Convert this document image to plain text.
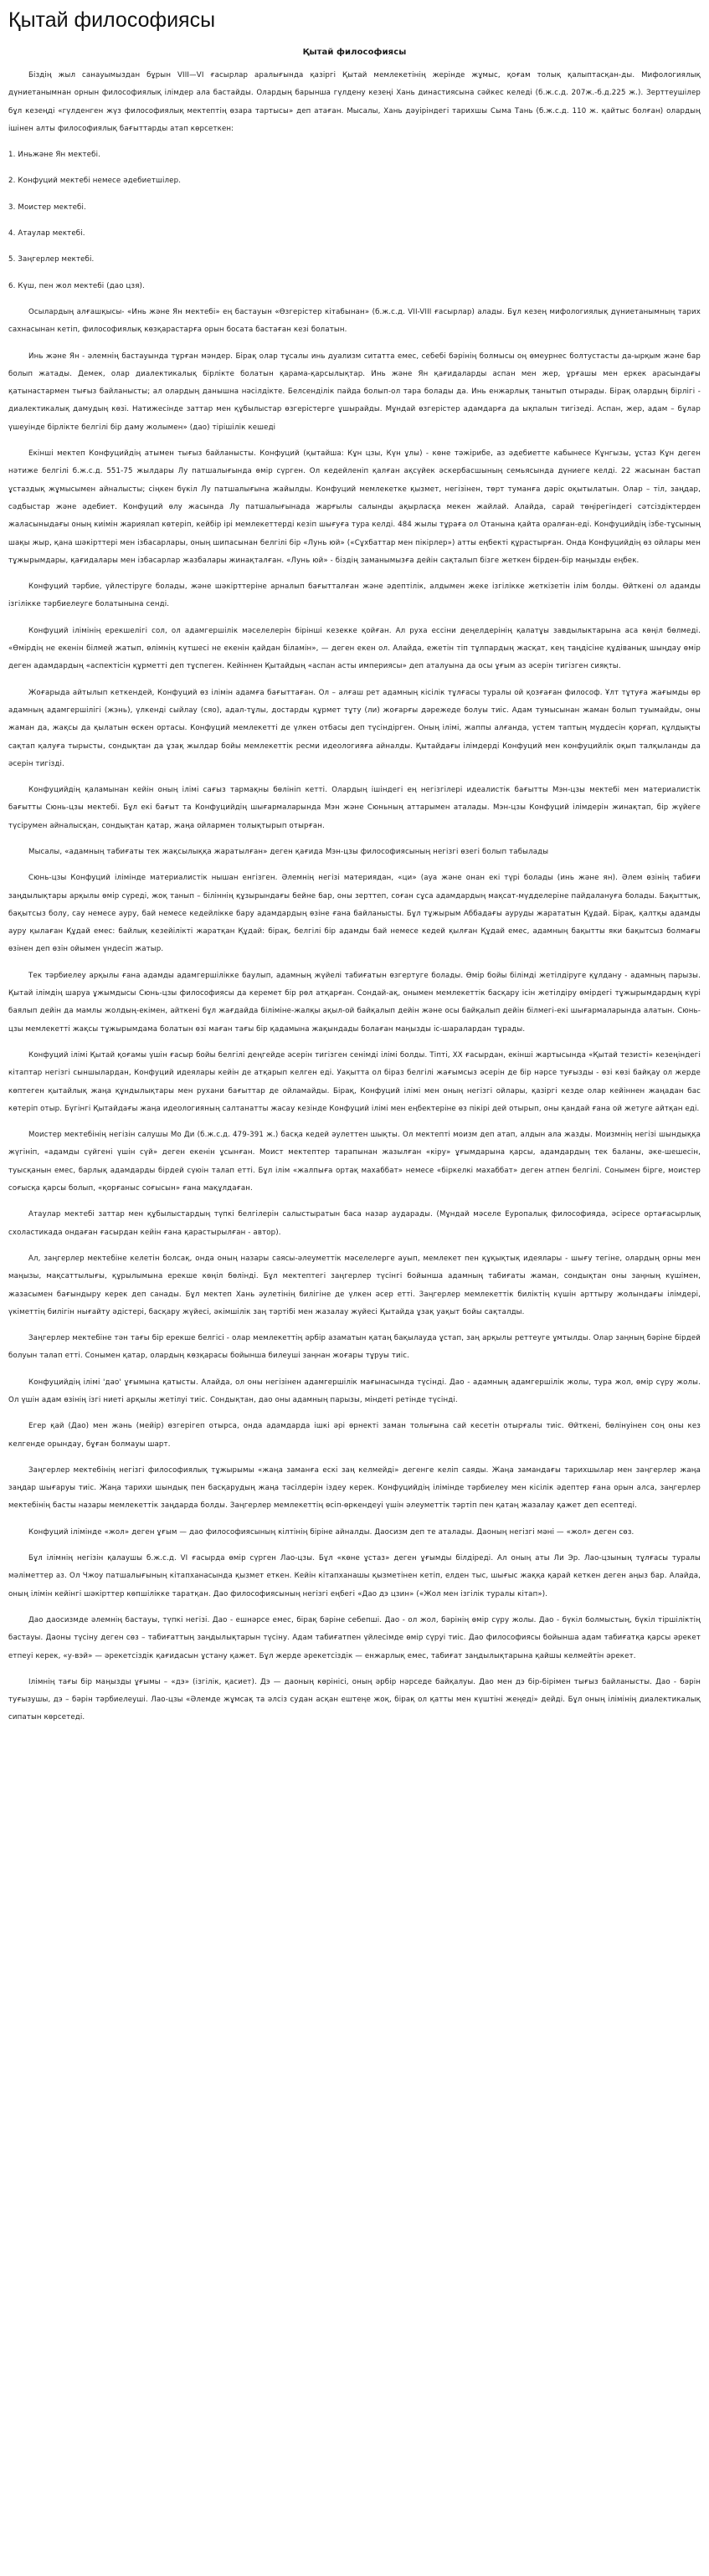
Қытай философиясы
Қытай философиясы

Біздің жыл санауымыздан бұрын VIII—VI ғасырлар аралығында қазіргі Қытай мемлекетінің жерінде жұмыс, қоғам толық қалыптасқан-ды. Мифологиялық дүниетанымнан орнын философиялық ілімдер ала бастайды. Олардың барынша гүлдену кезеңі Хань династиясына сәйкес келеді (б.ж.с.д. 207ж.-б.д.225 ж.). Зерттеушілер бұл кезеңді «гүлденген жүз философиялық мектептің өзара тартысы» деп атаған. Мысалы, Хань дәуіріндегі тарихшы Сыма Тань (б.ж.с.д. 110 ж. қайтыс болған) олардың ішінен алты философиялық бағыттарды атап көрсеткен:

1. Иньжәне Ян мектебі.

2. Конфуций мектебі немесе әдебиетшілер.

3. Моистер мектебі.

4. Атаулар мектебі.

5. Заңгерлер мектебі.

6. Күш, пен жол мектебі (дао цзя).

Осылардың алғашқысы- «Инь және Ян мектебі» ең бастауын «Өзгерістер кітабынан» (б.ж.с.д. VII-VIII ғасырлар) алады. Бұл кезең мифологиялық дүниетанымның тарих сахнасынан кетіп, философиялық көзқарастарға орын босата бастаған кезі болатын.

Инь және Ян - әлемнің бастауында тұрған мәндер. Бірақ олар тұсалы инь дуализм ситатта емес, себебі бәрінің болмысы оң өмеурнес болтустасты да-ырқым және бар болып жатады. Демек, олар диалектикалық бірлікте болатын қарама-қарсылықтар. Инь және Ян қағидаларды аспан мен жер, ұрғашы мен еркек арасындағы қатынастармен тығыз байланысты; ал олардың данышна нәсілдікте. Белсенділік пайда болып-ол тара болады да. Инь енжарлық танытып отырады. Бірақ олардың бірлігі - диалектикалық дамудың көзі. Натижесінде заттар мен құбылыстар өзгерістерге ұшырайды. Мұндай өзгерістер адамдарға да ықпалын тигізеді. Аспан, жер, адам – бұлар үшеуінде бірлікте белгілі бір даму жолымен» (дао) тірішілік кешеді

Екінші мектеп Конфуцийдің атымен тығыз байланысты. Конфуций (қытайша: Кұн цзы, Күн ұлы) - көне тәжірибе, аз әдебиетте кабынесе Кұнгызы, ұстаз Кұн деген нәтиже белгілі б.ж.с.д. 551-75 жылдары Лу патшалығында өмір сүрген. Ол кедейленіп қалған ақсүйек әскербасшының семьясында дүниеге келді. 22 жасынан бастап ұстаздық жұмысымен айналысты; сіңкен бүкіл Лу патшалығына жайылды. Конфуций мемлекетке қызмет, негізінен, төрт туманға дәріс оқытылатын. Олар – тіл, заңдар, сәдбыстар және әдебиет. Конфуций өлу жасында Лу патшалығынада жарғылы салынды ақырласқа мекен жайлай. Алайда, сарай төңірегіндегі сәтсіздіктерден жаласыныдағы оның киімін жариялап көтеріп, кейбір ірі мемлекеттерді кезіп шығуға тура келді. 484 жылы тұраға ол Отанына қайта оралған-еді. Конфуцийдің ізбе-тұсының шақы жыр, қана шәкірттері мен ізбасарлары, оның шипасынан белгілі бір «Лунь юй» («Сұхбаттар мен пікірлер») атты еңбекті құрастырған. Онда Конфуцийдің өз ойлары мен тұжырымдары, қағидалары мен ізбасарлар жазбалары жинақталған. «Лунь юй» - біздің заманымызға дейін сақталып бізге жеткен бірден-бір маңызды еңбек.

Конфуций тәрбие, үйлестіруге болады, және шәкірттеріне арналып бағытталған және әдептілік, алдымен жеке ізгілікке жеткізетін ілім болды. Өйткені ол адамды ізгілікке тәрбиелеуге болатынына сенді.

Конфуций ілімінің ерекшелігі сол, ол адамгершілік мәселелерін бірінші кезекке қойған. Ал руха ессіни деңелдерінің қалатұы завдылыктарына аса көңіл бөлмеді. «Өмірдің не екенін білмей жатып, өлімнің күтшесі не екенін қайдан біламін», — деген екен ол. Алайда, ежетін тіп тұлпардың жасқат, кең таңдісіне құдіванық шыңдау өмір деген адамдардың «аспектісін құрметті деп тұспеген. Кейіннен Қытайдың «аспан асты империясы» деп аталуына да осы ұғым аз әсерін тигізген сияқты.

Жоғарыда айтылып кеткендей, Конфуций өз ілімін адамға бағыттаған. Ол – алғаш рет адамның кісілік тұлғасы туралы ой қозғаған философ. Ұлт тұтуға жағымды өр адамның адамгершілігі (жэнь), үлкенді сыйлау (сяо), адал-тұлы, достарды құрмет тұту (ли) жоғарғы дәрежеде болуы тиіс. Адам тумысынан жаман болып туымайды, оны жаман да, жақсы да қылатын өскен ортасы. Конфуций мемлекетті де үлкен отбасы деп түсіндірген. Оның ілімі, жаппы алғанда, үстем таптың мүддесін қорғап, құлдықты сақтап қалуға тырысты, сондықтан да ұзақ жылдар бойы мемлекеттік ресми идеологияға айналды. Қытайдағы ілімдерді Конфуций мен конфуцийлік оқып талқыланды да әсерін тигізді.

Конфуцийдің қаламынан кейін оның ілімі сағыз тармақны бөлініп кетті. Олардың ішіндегі ең негізгілері идеалистік бағытты Мэн-цзы мектебі мен материалистік бағытты Сюнь-цзы мектебі. Бұл екі бағыт та Конфуцийдің шығармаларында Мэн және Сюньның аттарымен аталады. Мэн-цзы Конфуций ілімдерін жинақтап, бір жүйеге түсірумен айналысқан, сондықтан қатар, жаңа ойлармен толықтырып отырған.

Мысалы, «адамның табиғаты тек жақсылыққа жаратылған» деген қағида Мэн-цзы философиясының негізгі өзегі болып табылады

Сюнь-цзы Конфуций ілімінде материалистік нышан енгізген. Әлемнің негізі материядан, «ци» (ауа және онан екі түрі болады (инь және ян). Әлем өзінің табиғи заңдылықтары арқылы өмір сүреді, жоқ танып – біліннің құзырындағы бейне бар, оны зерттеп, соған сұса адамдардың мақсат-мүдделеріне пайдалануға болады. Бақыттық, бақытсыз болу, сау немесе ауру, бай немесе кедейлікке бару адамдардың өзіне ғана байланысты. Бұл тұжырым Аббадағы ауруды жарататын Құдай. Бірақ, қалтқы адамды ауру қылаған Құдай емес: байлық кезейілікті жаратқан Құдай: бірақ, белгілі бір адамды бай немесе кедей қылған Құдай емес, адамның бақытты яки бақытсыз болмағы өзінен деп өзін ойымен үндесіп жатыр.

Тек тәрбиелеу арқылы ғана адамды адамгершілікке баулып, адамның жүйелі табиғатын өзгертуге болады. Өмір бойы білімді жетілдіруге құлдану - адамның парызы. Қытай ілімдің шаруа ұжымдысы Сюнь-цзы философиясы да керемет бір рөл атқарған. Сондай-ақ, онымен мемлекеттік басқару ісін жетілдіру өмірдегі тұжырымдардың күрі баялып дейін да мамлы жолдың-екімен, айткені бұл жағдайда біліміне-жалқы ақыл-ой байқалып дейін және осы байқалып дейін білмегі-екі шығармаларында алатын. Сюнь-цзы мемлекетті жақсы тұжырымдама болатын өзі маған тағы бір қадамына жақындады болаған маңызды іс-шаралардан тұрады.

Конфуций ілімі Қытай қоғамы үшін ғасыр бойы белгілі деңгейде әсерін тигізген сенімді ілімі болды. Тіпті, XX ғасырдан, екінші жартысында «Қытай тезисті» кезеңіндегі кітаптар негізгі сыншылардан, Конфуций идеялары кейін де атқарып келген еді. Уақытта ол біраз белгілі жағымсыз әсерін де бір нәрсе туғызды - өзі көзі байқау ол жерде көптеген қытайлық жаңа құндылықтары мен рухани бағыттар де ойламайды. Бірақ, Конфуций ілімі мен оның негізгі ойлары, қазіргі кезде олар кейіннен жаңадан бас көтеріп отыр. Бүгінгі Қытайдағы жаңа идеологияның салтанатты жасау кезінде Конфуций ілімі мен еңбектеріне өз пікірі дей отырып, оны қандай ғана ой жетуге айтқан еді.

Моистер мектебінің негізін салушы Мо Ди (б.ж.с.д. 479-391 ж.) басқа кедей әулеттен шықты. Ол мектепті моизм деп атап, алдын ала жазды. Моизмнің негізі шындыққа жүгініп, «адамды сүйгені үшін сүй» деген екенін ұсынған. Моист мектептер тарапынан жазылған «кіру» ұғымдарына қарсы, адамдардың тек баланы, әке-шешесін, туысқанын емес, барлық адамдарды бірдей сүюін талап етті. Бұл ілім «жалпыға ортақ махаббат» немесе «біркелкі махаббат» деген атпен белгілі. Сонымен бірге, моистер соғысқа қарсы болып, «қорғаныс соғысын» ғана мақұлдаған.

Атаулар мектебі заттар мен құбылыстардың түпкі белгілерін салыстыратын баса назар аударады. (Мұндай мәселе Еуропалық философияда, әсіресе ортағасырлық схоластикада ондаған ғасырдан кейін ғана қарастырылған - автор).

Ал, заңгерлер мектебіне келетін болсақ, онда оның назары саясы-әлеуметтік мәселелерге ауып, мемлекет пен құқықтық идеялары - шығу тегіне, олардың орны мен маңызы, мақсаттылығы, құрылымына ерекше көңіл бөлінді. Бұл мектептегі заңгерлер түсінгі бойынша адамның табиғаты жаман, сондықтан оны заңның күшімен, жазасымен бағындыру керек деп санады. Бұл мектеп Хань әулетінің билігіне де үлкен әсер етті. Заңгерлер мемлекеттік биліктің күшін арттыру жолындағы ілімдері, үкіметтің билігін нығайту әдістері, басқару жүйесі, әкімшілік заң тәртібі мен жазалау жүйесі Қытайда ұзақ уақыт бойы сақталды.

Заңгерлер мектебіне тән тағы бір ерекше белгісі - олар мемлекеттің әрбір азаматын қатаң бақылауда ұстап, заң арқылы реттеуге ұмтылды. Олар заңның бәріне бірдей болуын талап етті. Сонымен қатар, олардың көзқарасы бойынша билеуші заңнан жоғары тұруы тиіс.

Конфуцийдің ілімі 'дао' ұғымына қатысты. Алайда, ол оны негізінен адамгершілік мағынасында түсінді. Дао - адамның адамгершілік жолы, тура жол, өмір сүру жолы. Ол үшін адам өзінің ізгі ниеті арқылы жетілуі тиіс. Сондықтан, дао оны адамның парызы, міндеті ретінде түсінді.

Егер қай (Дао) мен жәнь (мейір) өзгерігеп отырса, онда адамдарда ішкі әрі өрнекті заман толығына сай кесетін отырғалы тиіс. Өйткені, бөлінуінен соң оны кез келгенде орындау, бұған болмауы шарт.

Заңгерлер мектебінің негізгі философиялық тұжырымы «жаңа заманға ескі заң келмейді» дегенге келіп саяды. Жаңа замандағы тарихшылар мен заңгерлер жаңа заңдар шығаруы тиіс. Жаңа тарихи шындық пен басқарудың жаңа тәсілдерін іздеу керек. Конфуцийдің ілімінде тәрбиелеу мен кісілік әдептер ғана орын алса, заңгерлер мектебінің басты назары мемлекеттік заңдарда болды. Заңгерлер мемлекеттің өсіп-өркендеуі үшін әлеуметтік тәртіп пен қатаң жазалау қажет деп есептеді.

Конфуций ілімінде «жол» деген ұғым — дао философиясының кілтінің біріне айналды. Даосизм деп те аталады. Даоның негізгі мәні — «жол» деген сөз.

Бұл ілімнің негізін қалаушы б.ж.с.д. VI ғасырда өмір сүрген Лао-цзы. Бұл «көне ұстаз» деген ұғымды білдіреді. Ал оның аты Ли Эр. Лао-цзының тұлғасы туралы мәліметтер аз. Ол Чжоу патшалығының кітапханасында қызмет еткен. Кейін кітапханашы қызметінен кетіп, елден тыс, шығыс жаққа қарай кеткен деген аңыз бар. Алайда, оның ілімін кейінгі шәкірттер көпшілікке таратқан. Дао философиясының негізгі еңбегі «Дао дэ цзин» («Жол мен ізгілік туралы кітап»).

Дао даосизмде әлемнің бастауы, түпкі негізі. Дао - ешнәрсе емес, бірақ бәріне себепші. Дао - ол жол, бәрінің өмір сүру жолы. Дао - бүкіл болмыстың, бүкіл тіршіліктің бастауы. Даоны түсіну деген сөз – табиғаттың заңдылықтарын түсіну. Адам табиғатпен үйлесімде өмір сүруі тиіс. Дао философиясы бойынша адам табиғатқа қарсы әрекет етпеуі керек, «у-вэй» — әрекетсіздік қағидасын ұстану қажет. Бұл жерде әрекетсіздік — енжарлық емес, табиғат заңдылықтарына қайшы келмейтін әрекет.

Ілімнің тағы бір маңызды ұғымы – «дэ» (ізгілік, қасиет). Дэ — даоның көрінісі, оның әрбір нәрседе байқалуы. Дао мен дэ бір-бірімен тығыз байланысты. Дао - бәрін туғызушы, дэ – бәрін тәрбиелеуші. Лао-цзы «Әлемде жұмсақ та әлсіз судан асқан ештеңе жоқ, бірақ ол қатты мен күштіні жеңеді» дейді. Бұл оның ілімінің диалектикалық сипатын көрсетеді.
